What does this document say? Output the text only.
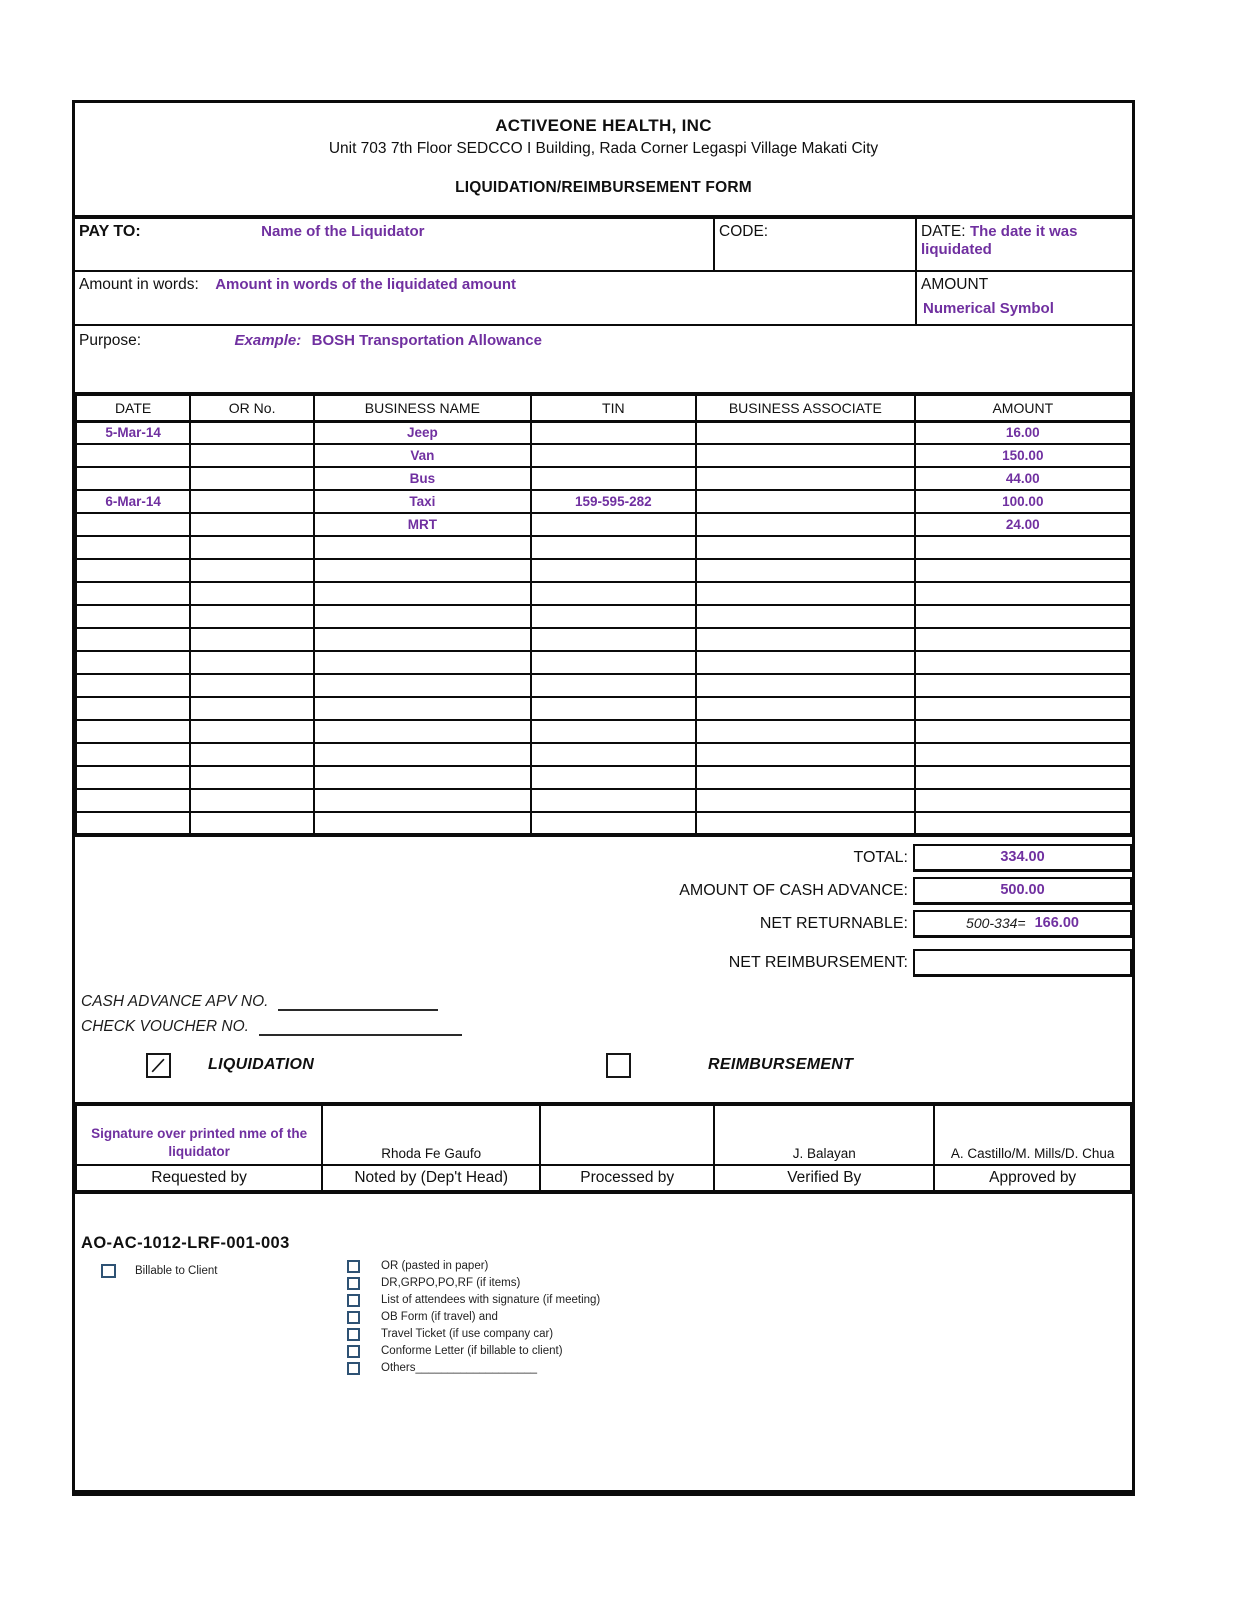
ACTIVEONE HEALTH, INC
Unit 703 7th Floor SEDCCO I Building, Rada Corner Legaspi Village Makati City
LIQUIDATION/REIMBURSEMENT FORM
PAY TO:	Name of the Liquidator	CODE:	DATE: The date it was liquidated
Amount in words: Amount in words of the liquidated amount	AMOUNT
Numerical Symbol
Purpose:	Example: BOSH Transportation Allowance
DATE	OR No.	BUSINESS NAME	TIN	BUSINESS ASSOCIATE	AMOUNT
5-Mar-14		Jeep			16.00
		Van			150.00
		Bus			44.00
6-Mar-14		Taxi	159-595-282		100.00
		MRT			24.00

TOTAL:	334.00
AMOUNT OF CASH ADVANCE:	500.00
NET RETURNABLE:	500-334= 166.00
NET REIMBURSEMENT:
CASH ADVANCE APV NO.
CHECK VOUCHER NO.
LIQUIDATION	REIMBURSEMENT
Signature over printed nme of the liquidator	Rhoda Fe Gaufo		J. Balayan	A. Castillo/M. Mills/D. Chua
Requested by	Noted by (Dep't Head)	Processed by	Verified By	Approved by
AO-AC-1012-LRF-001-003
Billable to Client	OR (pasted in paper)
DR,GRPO,PO,RF (if items)
List of attendees with signature (if meeting)
OB Form (if travel) and
Travel Ticket (if use company car)
Conforme Letter (if billable to client)
Others___________________
